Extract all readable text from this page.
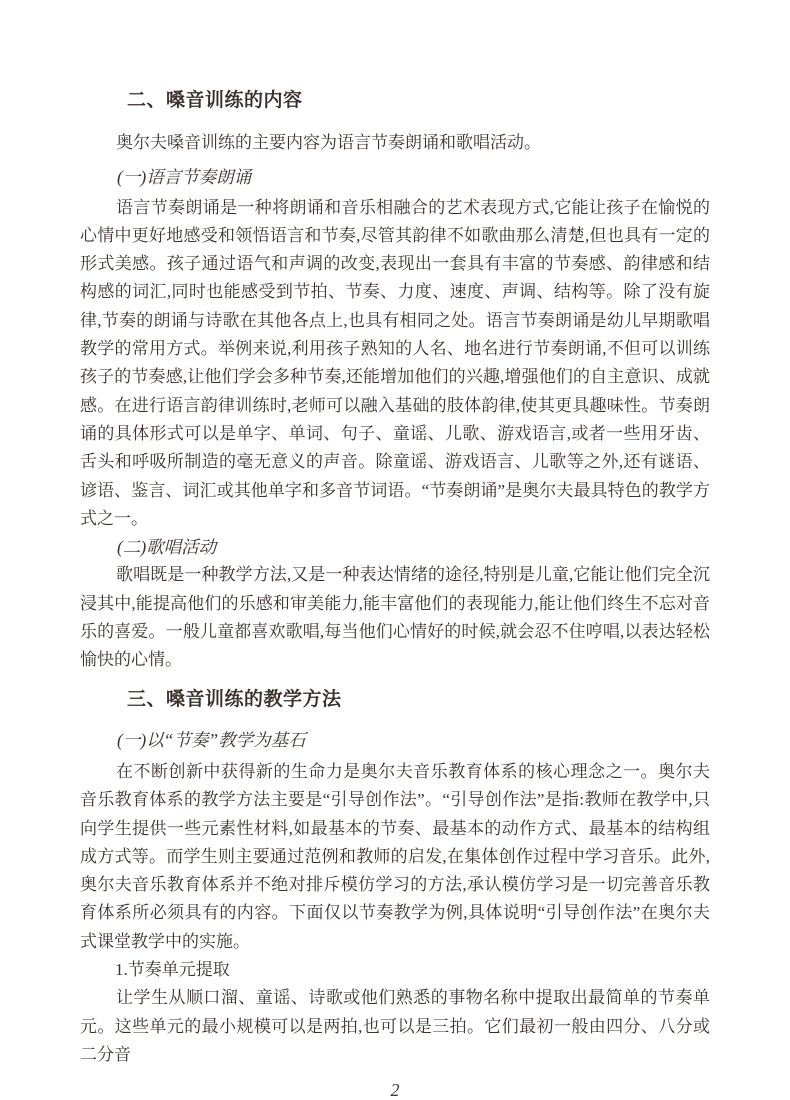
二、嗓音训练的内容

奥尔夫嗓音训练的主要内容为语言节奏朗诵和歌唱活动。

(一)语言节奏朗诵

语言节奏朗诵是一种将朗诵和音乐相融合的艺术表现方式,它能让孩子在愉悦的心情中更好地感受和领悟语言和节奏,尽管其韵律不如歌曲那么清楚,但也具有一定的形式美感。孩子通过语气和声调的改变,表现出一套具有丰富的节奏感、韵律感和结构感的词汇,同时也能感受到节拍、节奏、力度、速度、声调、结构等。除了没有旋律,节奏的朗诵与诗歌在其他各点上,也具有相同之处。语言节奏朗诵是幼儿早期歌唱教学的常用方式。举例来说,利用孩子熟知的人名、地名进行节奏朗诵,不但可以训练孩子的节奏感,让他们学会多种节奏,还能增加他们的兴趣,增强他们的自主意识、成就感。在进行语言韵律训练时,老师可以融入基础的肢体韵律,使其更具趣味性。节奏朗诵的具体形式可以是单字、单词、句子、童谣、儿歌、游戏语言,或者一些用牙齿、舌头和呼吸所制造的毫无意义的声音。除童谣、游戏语言、儿歌等之外,还有谜语、谚语、鉴言、词汇或其他单字和多音节词语。“节奏朗诵”是奥尔夫最具特色的教学方式之一。

(二)歌唱活动

歌唱既是一种教学方法,又是一种表达情绪的途径,特别是儿童,它能让他们完全沉浸其中,能提高他们的乐感和审美能力,能丰富他们的表现能力,能让他们终生不忘对音乐的喜爱。一般儿童都喜欢歌唱,每当他们心情好的时候,就会忍不住哼唱,以表达轻松愉快的心情。

三、嗓音训练的教学方法
(一)以“节奏”教学为基石

在不断创新中获得新的生命力是奥尔夫音乐教育体系的核心理念之一。奥尔夫音乐教育体系的教学方法主要是“引导创作法”。“引导创作法”是指:教师在教学中,只向学生提供一些元素性材料,如最基本的节奏、最基本的动作方式、最基本的结构组成方式等。而学生则主要通过范例和教师的启发,在集体创作过程中学习音乐。此外,奥尔夫音乐教育体系并不绝对排斥模仿学习的方法,承认模仿学习是一切完善音乐教育体系所必须具有的内容。下面仅以节奏教学为例,具体说明“引导创作法”在奥尔夫式课堂教学中的实施。

1.节奏单元提取

让学生从顺口溜、童谣、诗歌或他们熟悉的事物名称中提取出最简单的节奏单元。这些单元的最小规模可以是两拍,也可以是三拍。它们最初一般由四分、八分或二分音

2
